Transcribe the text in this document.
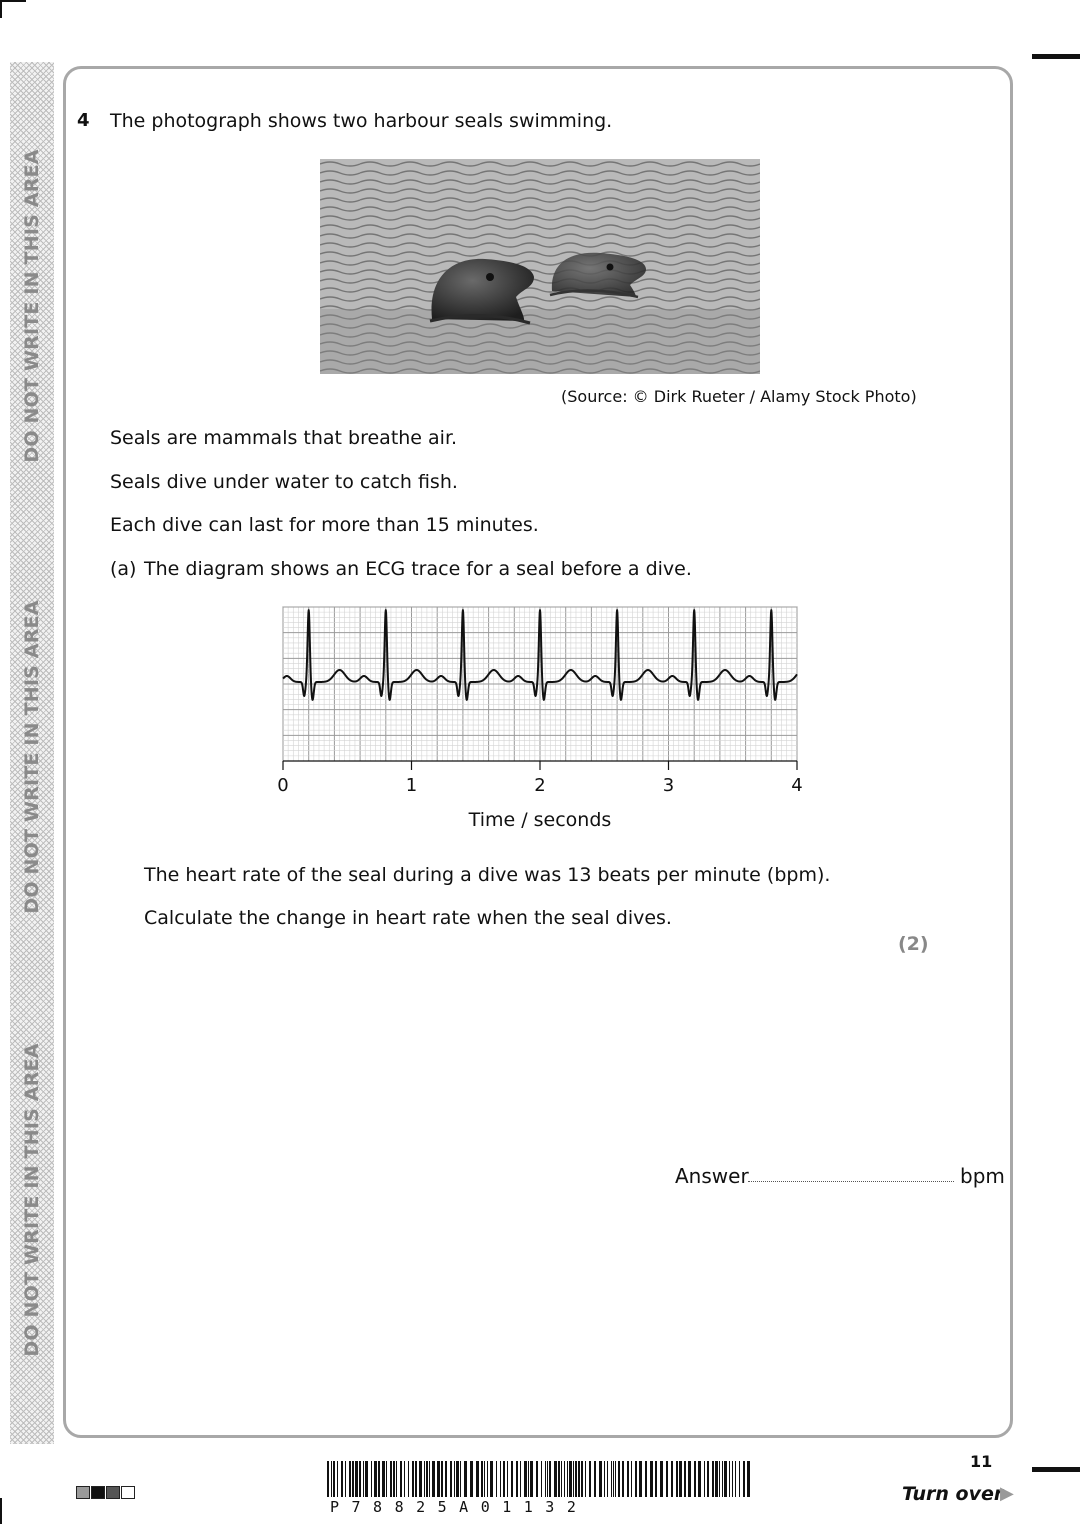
DO NOT WRITE IN THIS AREA
DO NOT WRITE IN THIS AREA
DO NOT WRITE IN THIS AREA
4 The photograph shows two harbour seals swimming.
(Source: © Dirk Rueter / Alamy Stock Photo)
Seals are mammals that breathe air.
Seals dive under water to catch fish.
Each dive can last for more than 15 minutes.
(a) The diagram shows an ECG trace for a seal before a dive.
0	1	2	3	4
Time / seconds
The heart rate of the seal during a dive was 13 beats per minute (bpm).
Calculate the change in heart rate when the seal dives.
(2)
Answer	bpm
P78825A01132
11
Turn over
▶
